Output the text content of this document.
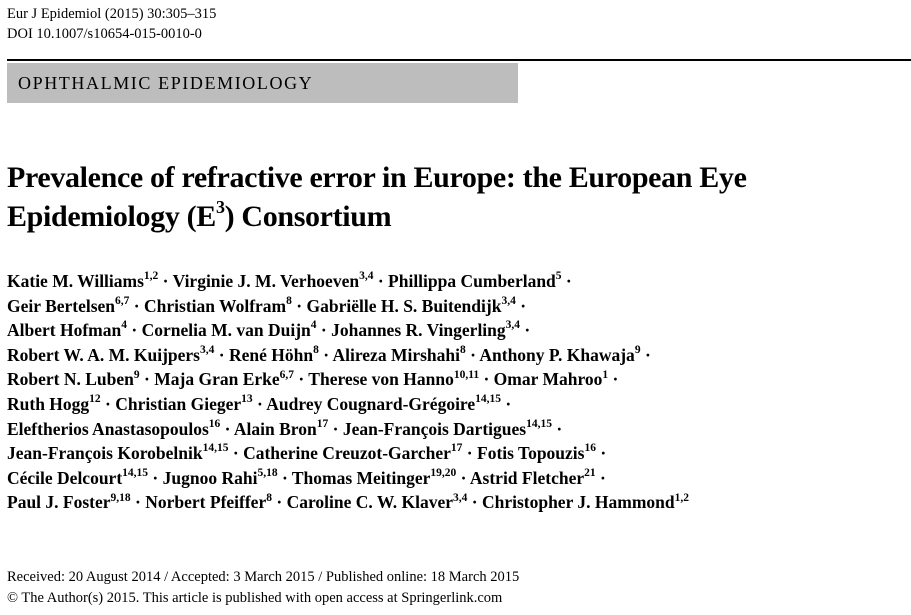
Eur J Epidemiol (2015) 30:305–315
DOI 10.1007/s10654-015-0010-0
OPHTHALMIC EPIDEMIOLOGY
Prevalence of refractive error in Europe: the European Eye
Epidemiology $(E^3)$ Consortium
Katie M. Williams$^{1,2}$ · Virginie J. M. Verhoeven$^{3,4}$ · Phillippa Cumberland$^5$ ·
Geir Bertelsen$^{6,7}$ · Christian Wolfram$^8$ · Gabriëlle H. S. Buitendijk$^{3,4}$ ·
Albert Hofman$^4$ · Cornelia M. van Duijn$^4$ · Johannes R. Vingerling$^{3,4}$ ·
Robert W. A. M. Kuijpers$^{3,4}$ · René Höhn$^8$ · Alireza Mirshahi$^8$ · Anthony P. Khawaja$^9$ ·
Robert N. Luben$^9$ · Maja Gran Erke$^{6,7}$ · Therese von Hanno$^{10,11}$ · Omar Mahroo$^1$ ·
Ruth Hogg$^{12}$ · Christian Gieger$^{13}$ · Audrey Cougnard-Grégoire$^{14,15}$ ·
Eleftherios Anastasopoulos$^{16}$ · Alain Bron$^{17}$ · Jean-François Dartigues$^{14,15}$ ·
Jean-François Korobelnik$^{14,15}$ · Catherine Creuzot-Garcher$^{17}$ · Fotis Topouzis$^{16}$ ·
Cécile Delcourt$^{14,15}$ · Jugnoo Rahi$^{5,18}$ · Thomas Meitinger$^{19,20}$ · Astrid Fletcher$^{21}$ ·
Paul J. Foster$^{9,18}$ · Norbert Pfeiffer$^8$ · Caroline C. W. Klaver$^{3,4}$ · Christopher J. Hammond$^{1,2}$
Received: 20 August 2014 / Accepted: 3 March 2015 / Published online: 18 March 2015
© The Author(s) 2015. This article is published with open access at Springerlink.com
